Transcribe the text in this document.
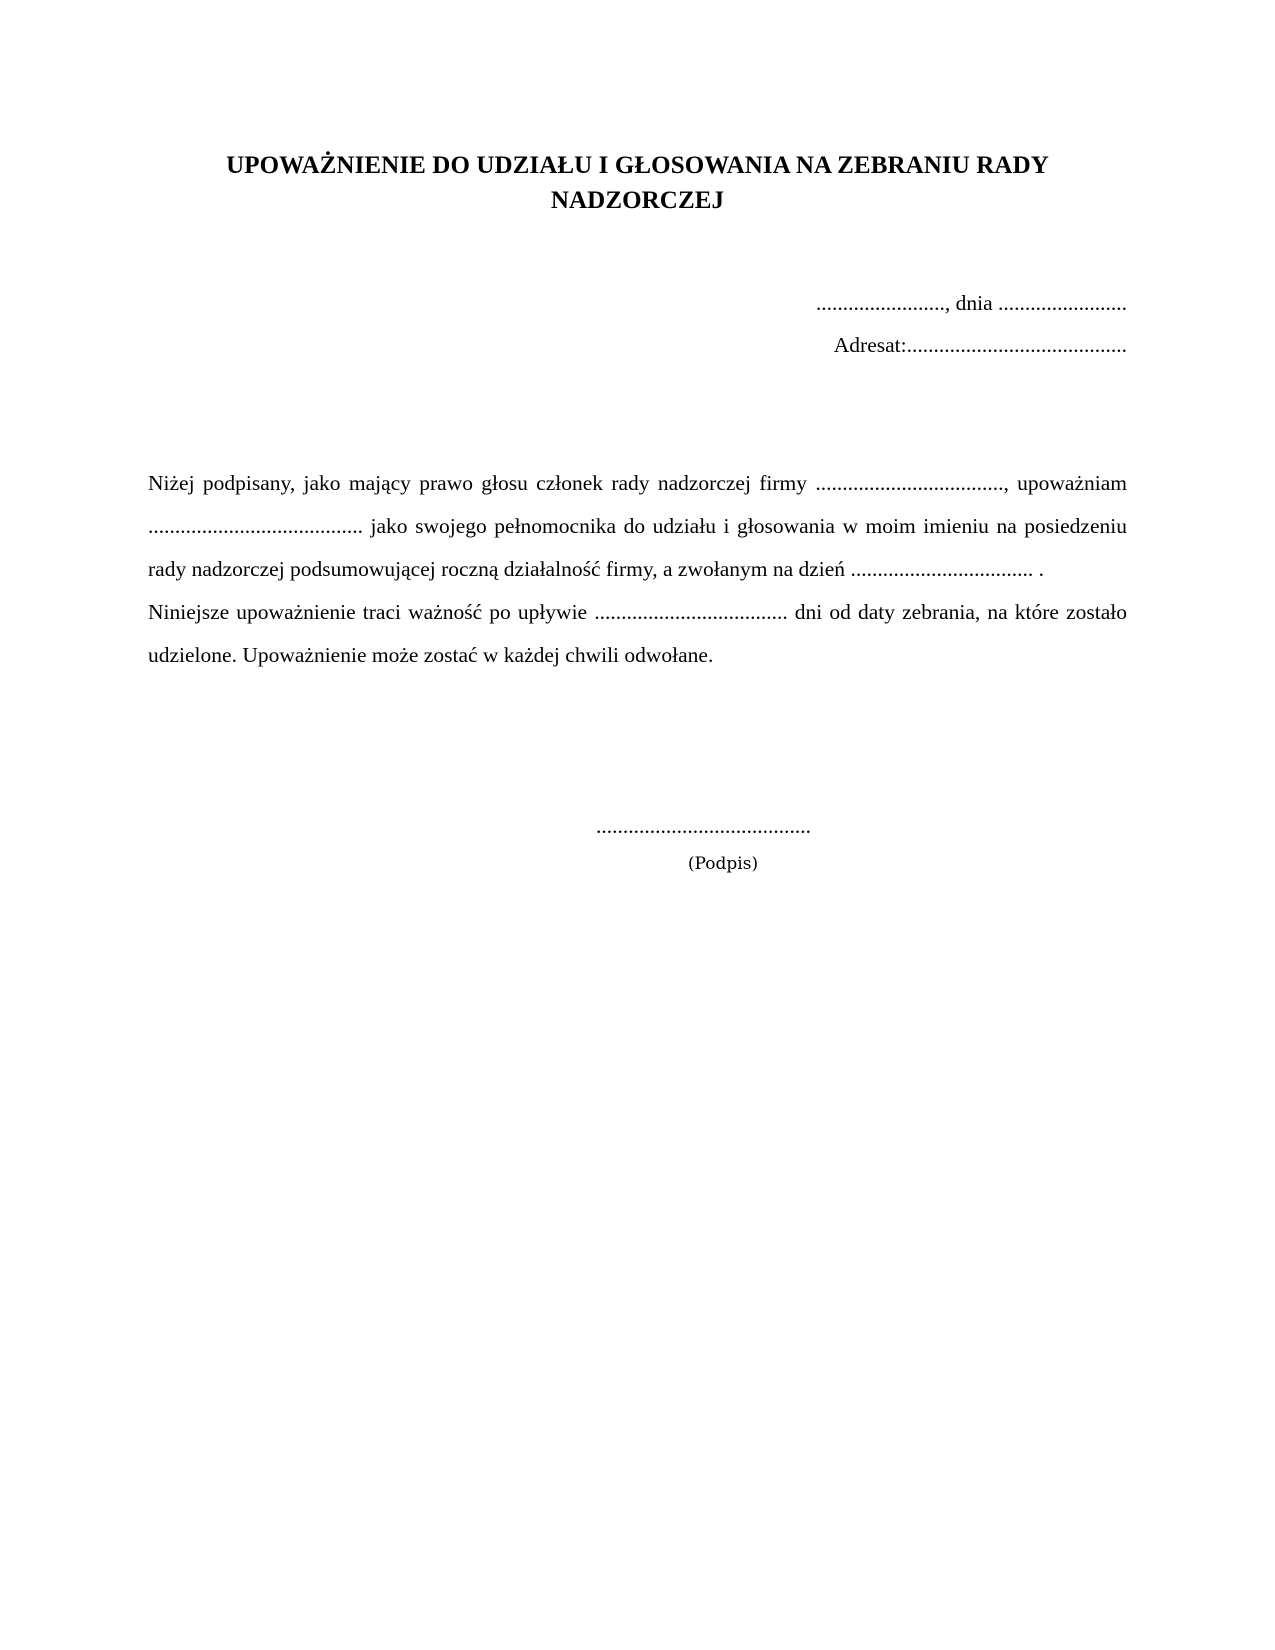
UPOWAŻNIENIE DO UDZIAŁU I GŁOSOWANIA NA ZEBRANIU RADY
NADZORCZEJ
........................, dnia ........................
Adresat:.........................................

Niżej podpisany, jako mający prawo głosu członek rady nadzorczej firmy ..................................., upoważniam ........................................ jako swojego pełnomocnika do udziału i głosowania w moim imieniu na posiedzeniu rady nadzorczej podsumowującej roczną działalność firmy, a zwołanym na dzień .................................. .

Niniejsze upoważnienie traci ważność po upływie .................................... dni od daty zebrania, na które zostało udzielone. Upoważnienie może zostać w każdej chwili odwołane.

........................................
(Podpis)
